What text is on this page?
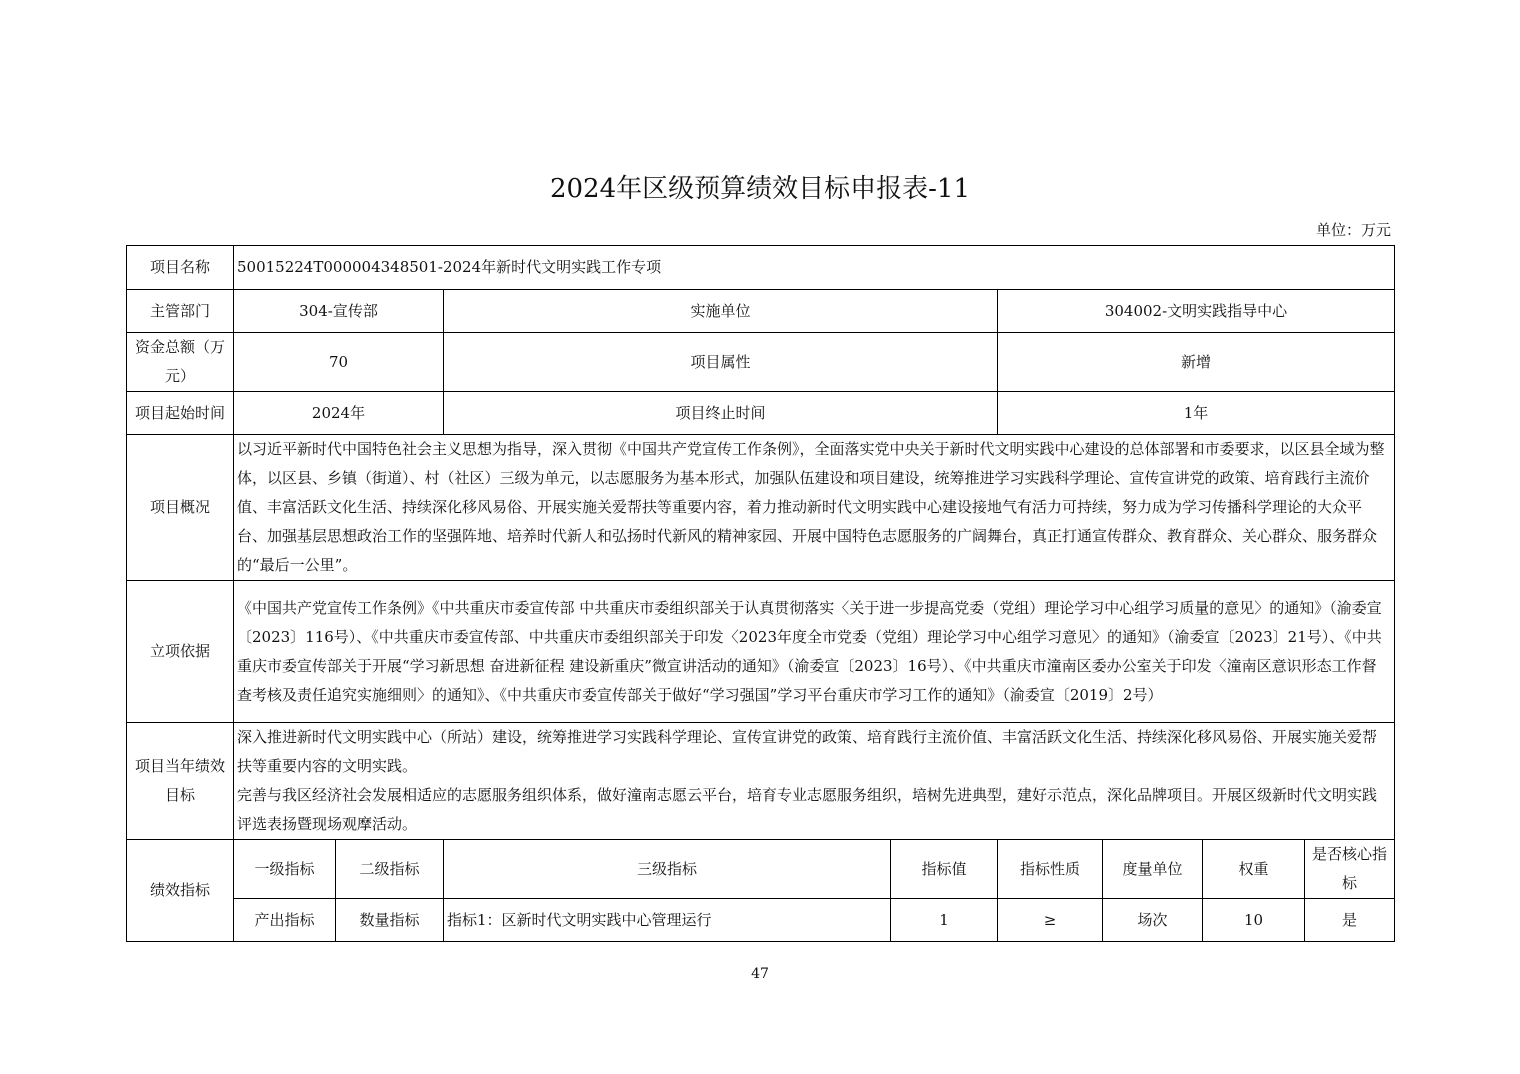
2024年区级预算绩效目标申报表-11
单位：万元
项目名称	50015224T000004348501-2024年新时代文明实践工作专项							
主管部门	304-宣传部		实施单位		304002-文明实践指导中心			
资金总额（万元）	70		项目属性		新增			
项目起始时间	2024年		项目终止时间		1年			
项目概况	以习近平新时代中国特色社会主义思想为指导，深入贯彻《中国共产党宣传工作条例》，全面落实党中央关于新时代文明实践中心建设的总体部署和市委要求，以区县全域为整体，以区县、乡镇（街道）、村（社区）三级为单元，以志愿服务为基本形式，加强队伍建设和项目建设，统筹推进学习实践科学理论、宣传宣讲党的政策、培育践行主流价值、丰富活跃文化生活、持续深化移风易俗、开展实施关爱帮扶等重要内容，着力推动新时代文明实践中心建设接地气有活力可持续，努力成为学习传播科学理论的大众平台、加强基层思想政治工作的坚强阵地、培养时代新人和弘扬时代新风的精神家园、开展中国特色志愿服务的广阔舞台，真正打通宣传群众、教育群众、关心群众、服务群众的“最后一公里”。							
立项依据	《中国共产党宣传工作条例》《中共重庆市委宣传部 中共重庆市委组织部关于认真贯彻落实〈关于进一步提高党委（党组）理论学习中心组学习质量的意见〉的通知》（渝委宣〔2023〕116号）、《中共重庆市委宣传部、中共重庆市委组织部关于印发〈2023年度全市党委（党组）理论学习中心组学习意见〉的通知》（渝委宣〔2023〕21号）、《中共重庆市委宣传部关于开展“学习新思想 奋进新征程 建设新重庆”微宣讲活动的通知》（渝委宣〔2023〕16号）、《中共重庆市潼南区委办公室关于印发〈潼南区意识形态工作督查考核及责任追究实施细则〉的通知》、《中共重庆市委宣传部关于做好“学习强国”学习平台重庆市学习工作的通知》（渝委宣〔2019〕2号）							
项目当年绩效目标	深入推进新时代文明实践中心（所站）建设，统筹推进学习实践科学理论、宣传宣讲党的政策、培育践行主流价值、丰富活跃文化生活、持续深化移风易俗、开展实施关爱帮扶等重要内容的文明实践。
完善与我区经济社会发展相适应的志愿服务组织体系，做好潼南志愿云平台，培育专业志愿服务组织，培树先进典型，建好示范点，深化品牌项目。开展区级新时代文明实践评选表扬暨现场观摩活动。							

绩效指标	一级指标	二级指标	三级指标	指标值	指标性质	度量单位	权重	是否核心指标
	产出指标	数量指标	指标1：区新时代文明实践中心管理运行	1	≥	场次	10	是
47
